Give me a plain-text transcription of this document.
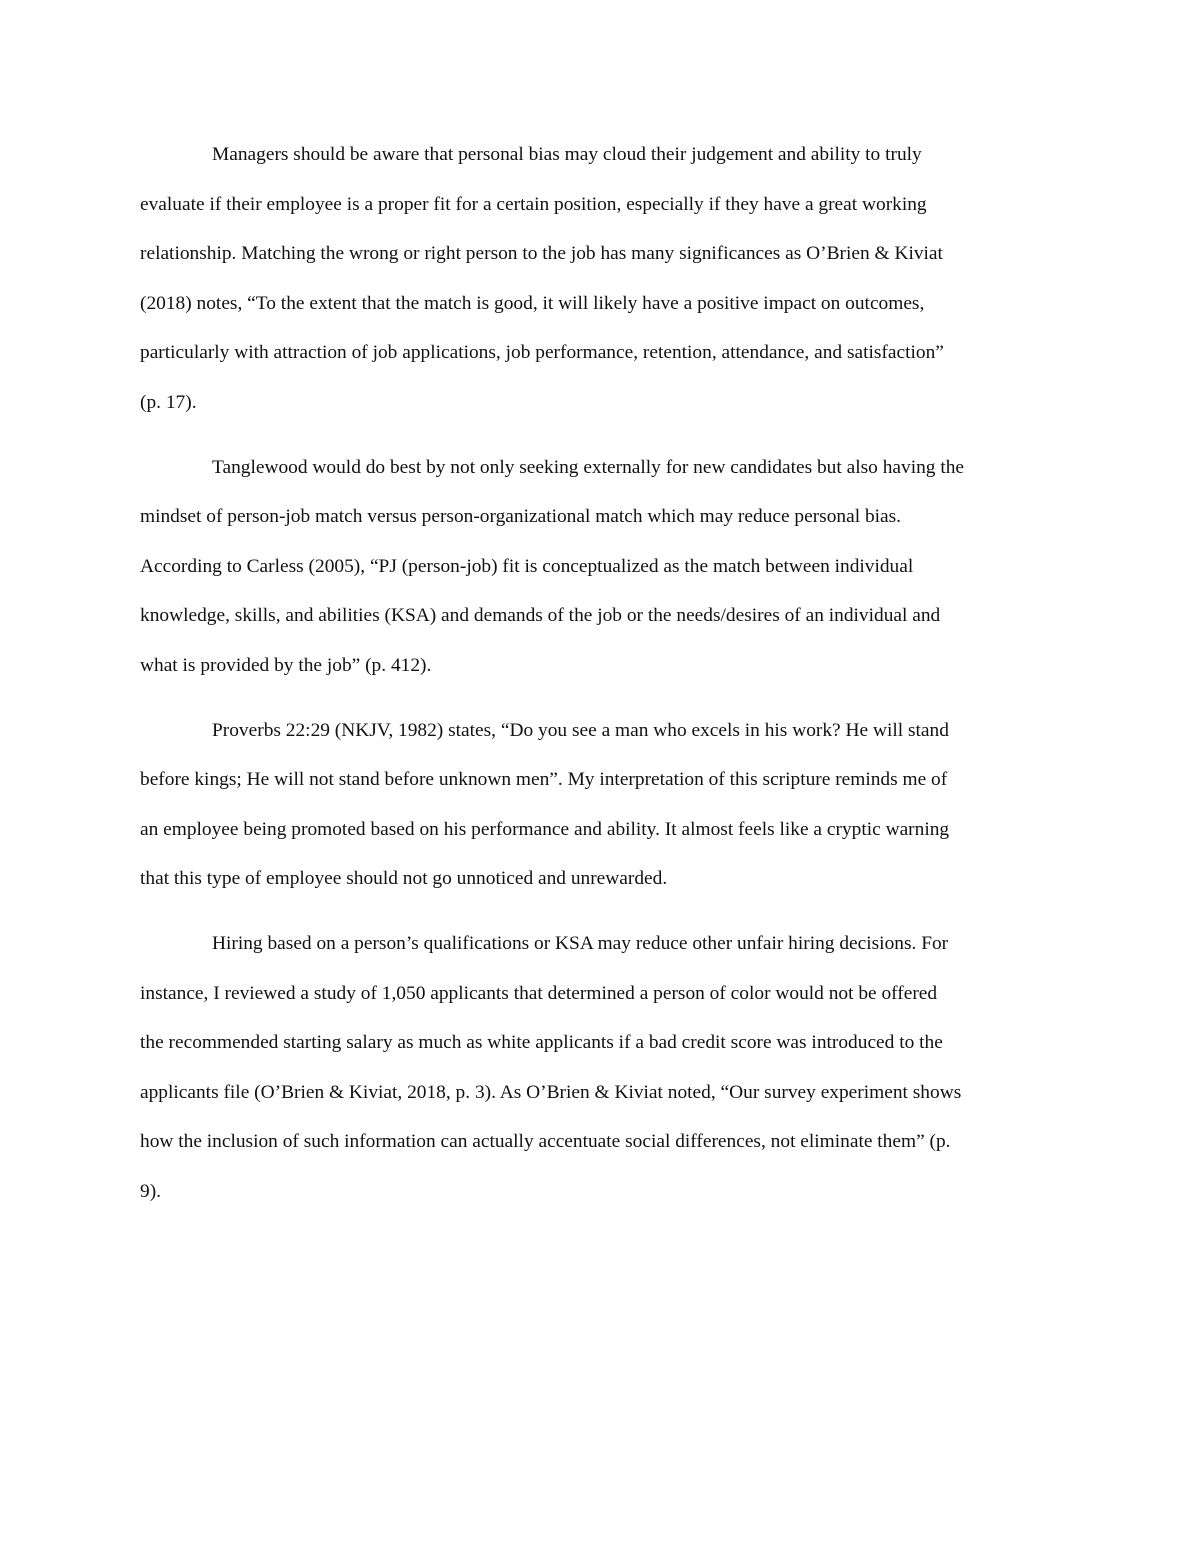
Managers should be aware that personal bias may cloud their judgement and ability to truly
evaluate if their employee is a proper fit for a certain position, especially if they have a great working
relationship. Matching the wrong or right person to the job has many significances as O’Brien & Kiviat
(2018) notes, “To the extent that the match is good, it will likely have a positive impact on outcomes,
particularly with attraction of job applications, job performance, retention, attendance, and satisfaction”
(p. 17).
Tanglewood would do best by not only seeking externally for new candidates but also having the
mindset of person-job match versus person-organizational match which may reduce personal bias.
According to Carless (2005), “PJ (person-job) fit is conceptualized as the match between individual
knowledge, skills, and abilities (KSA) and demands of the job or the needs/desires of an individual and
what is provided by the job” (p. 412).
Proverbs 22:29 (NKJV, 1982) states, “Do you see a man who excels in his work? He will stand
before kings; He will not stand before unknown men”. My interpretation of this scripture reminds me of
an employee being promoted based on his performance and ability. It almost feels like a cryptic warning
that this type of employee should not go unnoticed and unrewarded.
Hiring based on a person’s qualifications or KSA may reduce other unfair hiring decisions. For
instance, I reviewed a study of 1,050 applicants that determined a person of color would not be offered
the recommended starting salary as much as white applicants if a bad credit score was introduced to the
applicants file (O’Brien & Kiviat, 2018, p. 3). As O’Brien & Kiviat noted, “Our survey experiment shows
how the inclusion of such information can actually accentuate social differences, not eliminate them” (p.
9).
